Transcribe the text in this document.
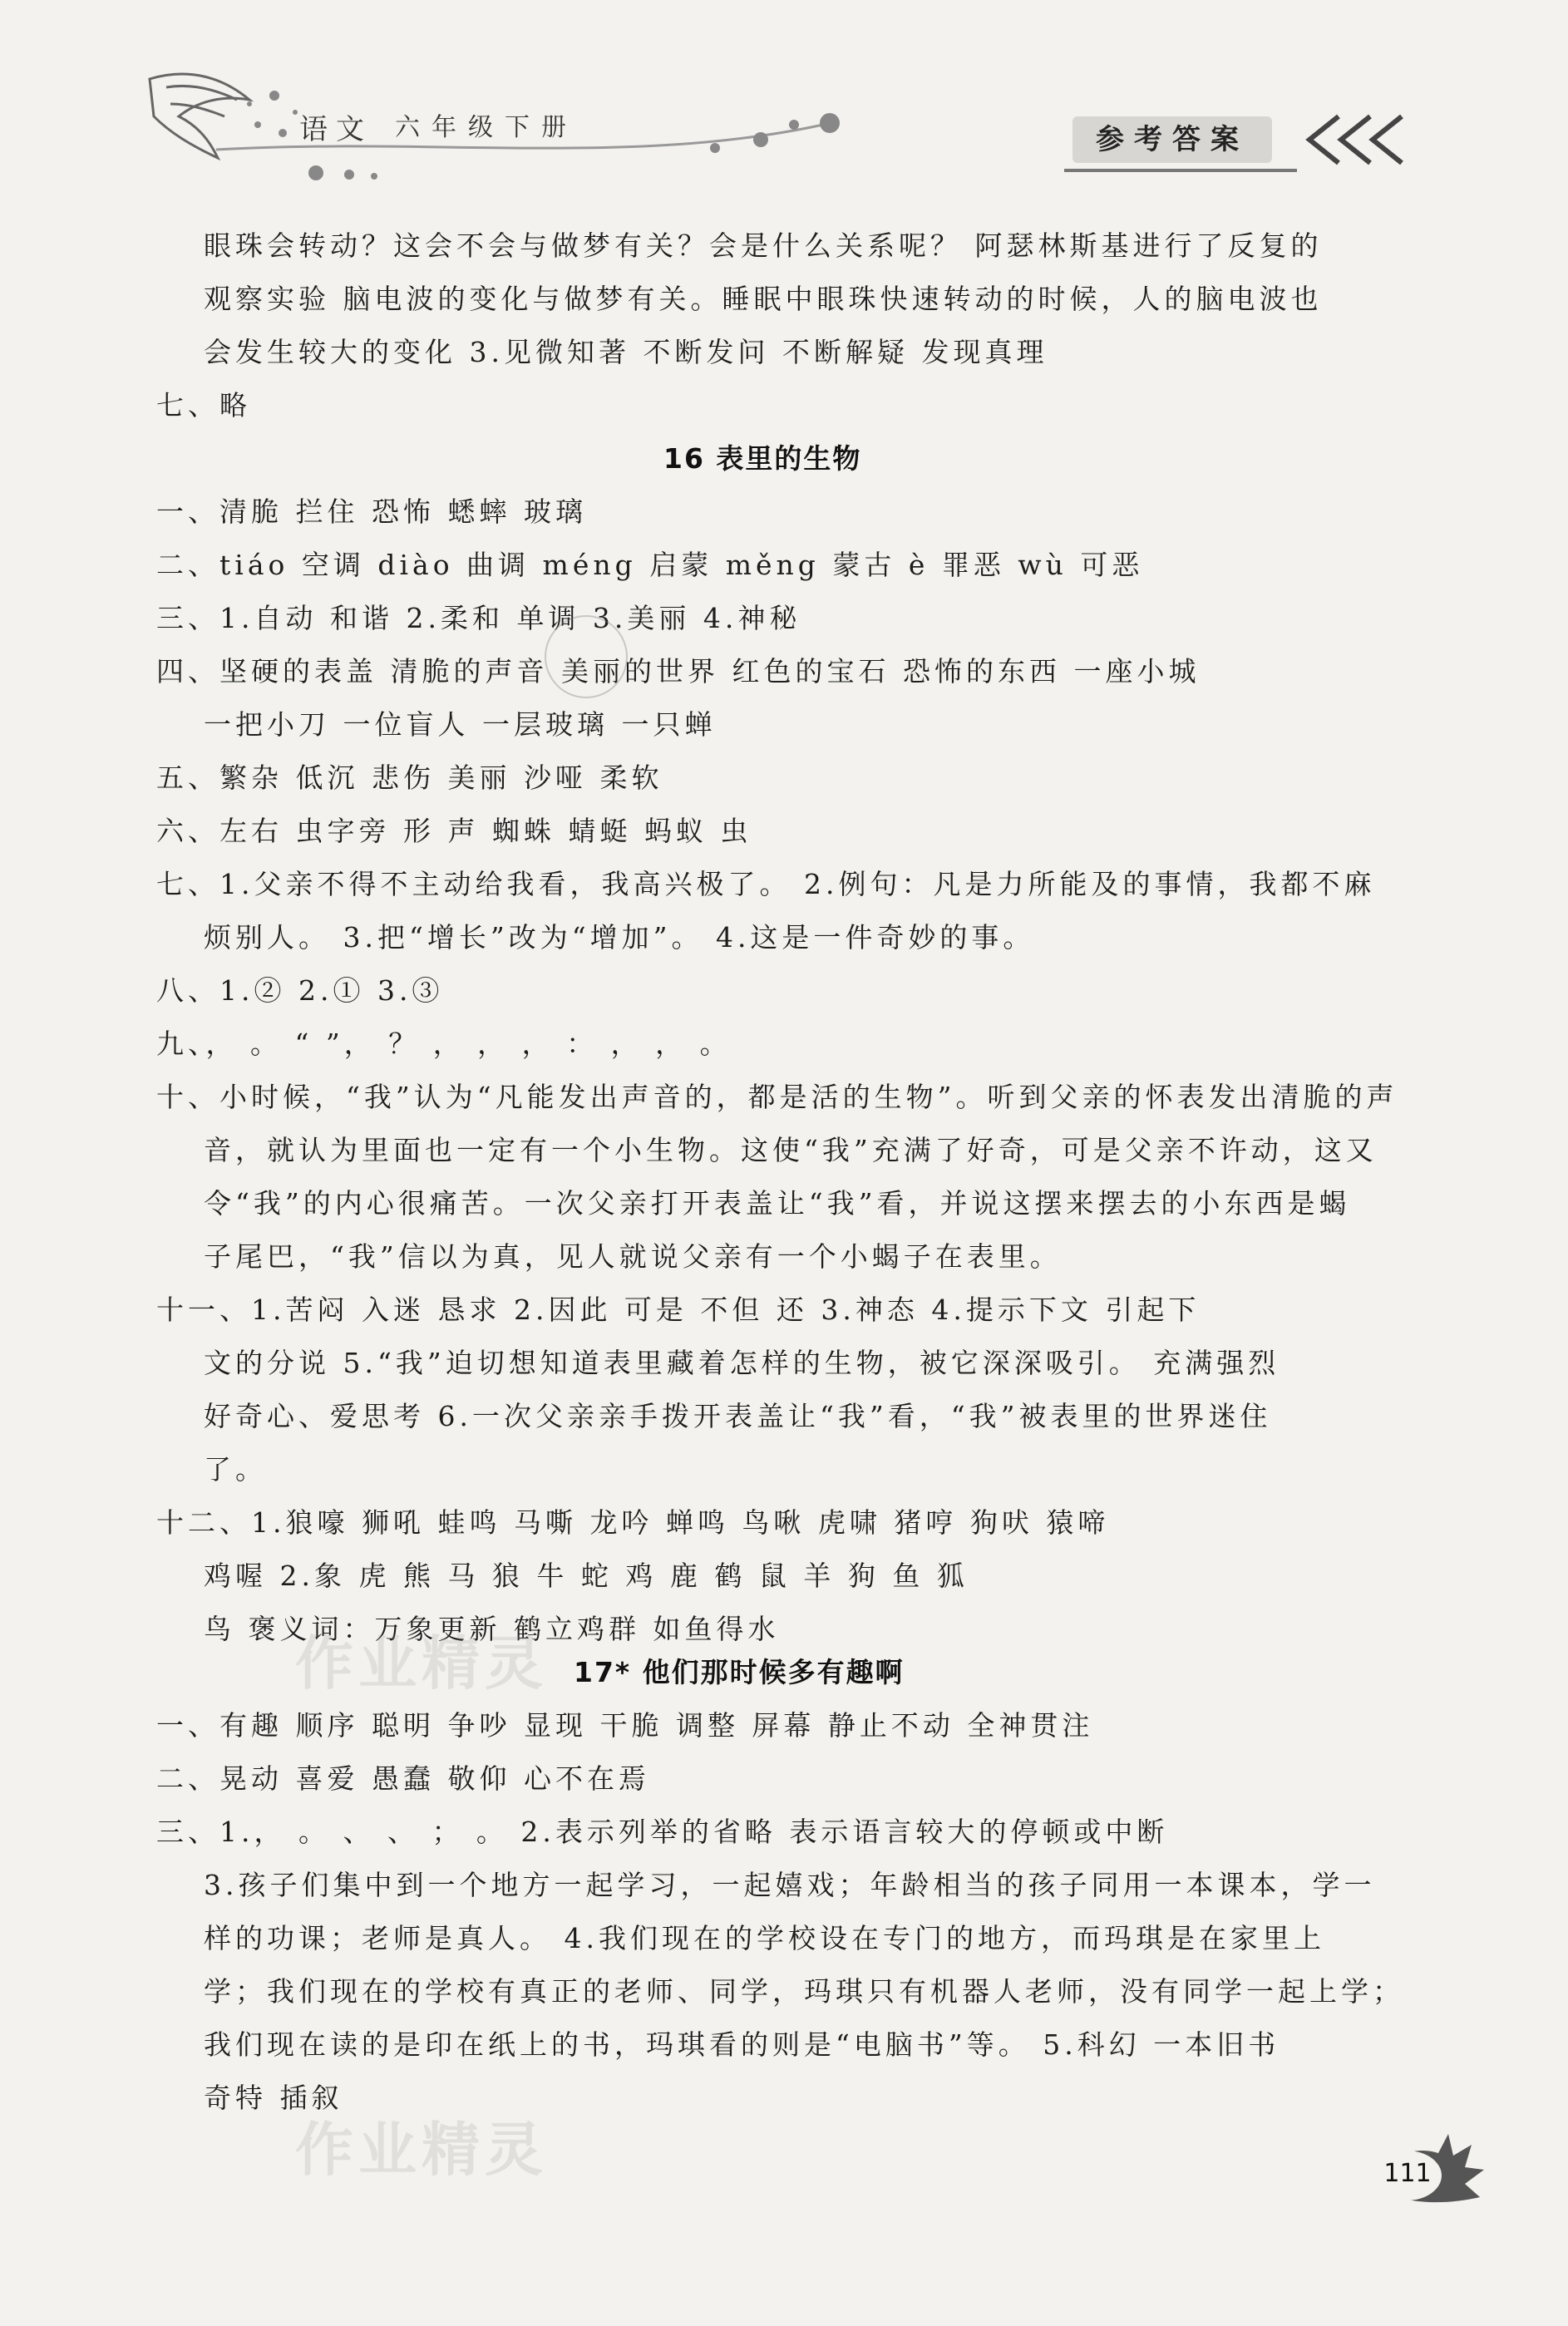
语文 六年级下册	参考答案
眼珠会转动？这会不会与做梦有关？会是什么关系呢？ 阿瑟林斯基进行了反复的
观察实验 脑电波的变化与做梦有关。睡眠中眼珠快速转动的时候，人的脑电波也
会发生较大的变化 3.见微知著 不断发问 不断解疑 发现真理
七、略
16 表里的生物
一、清脆 拦住 恐怖 蟋蟀 玻璃
二、tiáo 空调 diào 曲调 méng 启蒙 měng 蒙古 è 罪恶 wù 可恶
三、1.自动 和谐 2.柔和 单调 3.美丽 4.神秘
四、坚硬的表盖 清脆的声音 美丽的世界 红色的宝石 恐怖的东西 一座小城
一把小刀 一位盲人 一层玻璃 一只蝉
五、繁杂 低沉 悲伤 美丽 沙哑 柔软
六、左右 虫字旁 形 声 蜘蛛 蜻蜓 蚂蚁 虫
七、1.父亲不得不主动给我看，我高兴极了。 2.例句：凡是力所能及的事情，我都不麻
烦别人。 3.把“增长”改为“增加”。 4.这是一件奇妙的事。
八、1.② 2.① 3.③
九、， 。 “ ”， ？ ， ， ， ： ， ， 。
十、小时候，“我”认为“凡能发出声音的，都是活的生物”。听到父亲的怀表发出清脆的声
音，就认为里面也一定有一个小生物。这使“我”充满了好奇，可是父亲不许动，这又
令“我”的内心很痛苦。一次父亲打开表盖让“我”看，并说这摆来摆去的小东西是蝎
子尾巴，“我”信以为真，见人就说父亲有一个小蝎子在表里。
十一、1.苦闷 入迷 恳求 2.因此 可是 不但 还 3.神态 4.提示下文 引起下
文的分说 5.“我”迫切想知道表里藏着怎样的生物，被它深深吸引。 充满强烈
好奇心、爱思考 6.一次父亲亲手拨开表盖让“我”看，“我”被表里的世界迷住
了。
十二、1.狼嚎 狮吼 蛙鸣 马嘶 龙吟 蝉鸣 鸟啾 虎啸 猪哼 狗吠 猿啼
鸡喔 2.象 虎 熊 马 狼 牛 蛇 鸡 鹿 鹤 鼠 羊 狗 鱼 狐
鸟 褒义词：万象更新 鹤立鸡群 如鱼得水
17* 他们那时候多有趣啊
一、有趣 顺序 聪明 争吵 显现 干脆 调整 屏幕 静止不动 全神贯注
二、晃动 喜爱 愚蠢 敬仰 心不在焉
三、1.， 。 、 、 ； 。 2.表示列举的省略 表示语言较大的停顿或中断
3.孩子们集中到一个地方一起学习，一起嬉戏；年龄相当的孩子同用一本课本，学一
样的功课；老师是真人。 4.我们现在的学校设在专门的地方，而玛琪是在家里上
学；我们现在的学校有真正的老师、同学，玛琪只有机器人老师，没有同学一起上学；
我们现在读的是印在纸上的书，玛琪看的则是“电脑书”等。 5.科幻 一本旧书
奇特 插叙
作业精灵
作业精灵	111
